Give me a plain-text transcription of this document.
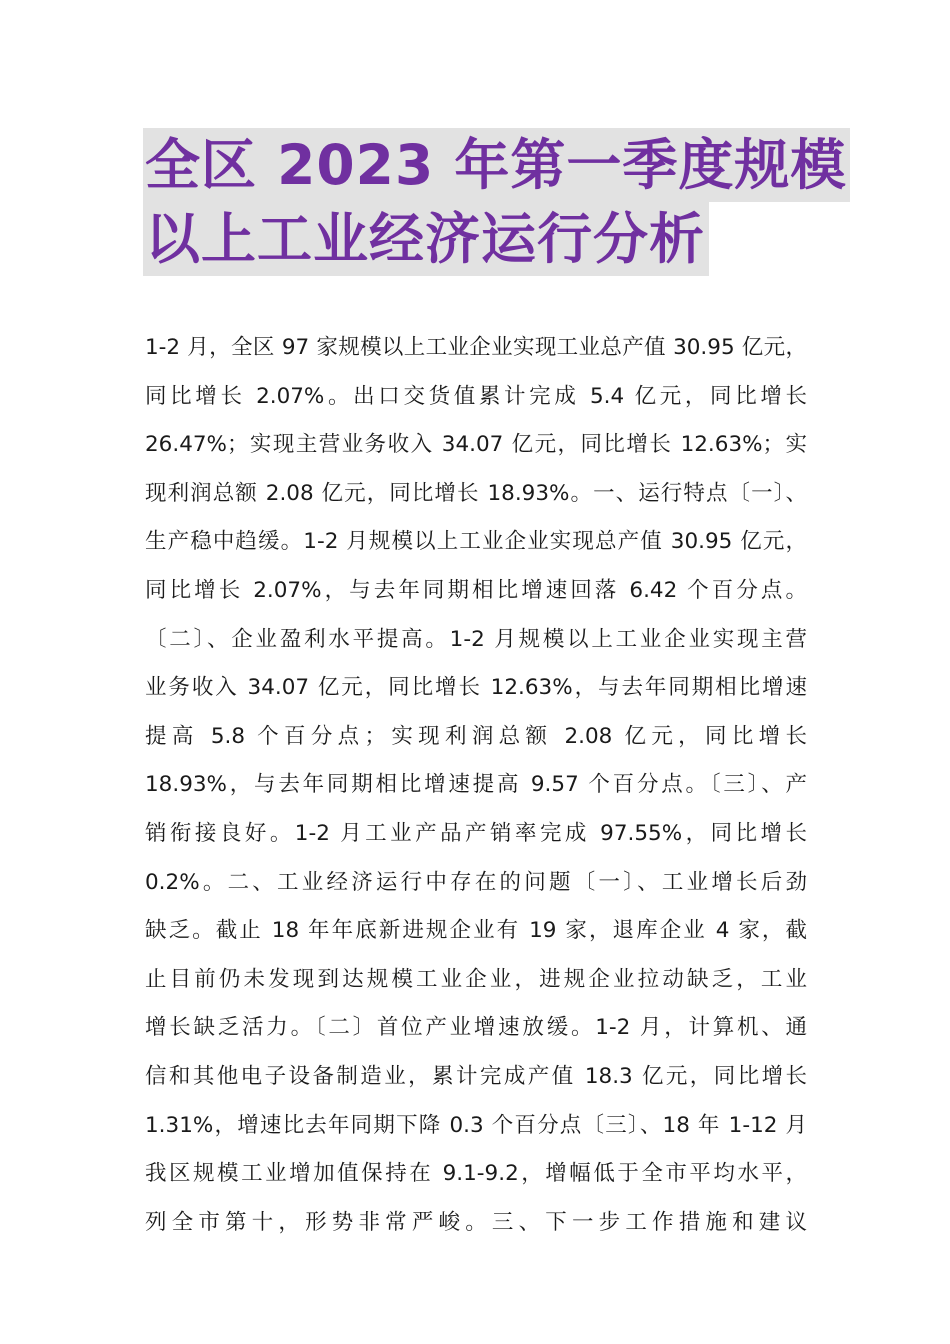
全区 2023 年第一季度规模
以上工业经济运行分析
1-2 月，全区 97 家规模以上工业企业实现工业总产值 30.95 亿元，
同比增长 2.07%。出口交货值累计完成 5.4 亿元，同比增长
26.47%；实现主营业务收入 34.07 亿元，同比增长 12.63%；实
现利润总额 2.08 亿元，同比增长 18.93%。一、运行特点〔一〕、
生产稳中趋缓。1-2 月规模以上工业企业实现总产值 30.95 亿元，
同比增长 2.07%，与去年同期相比增速回落 6.42 个百分点。
〔二〕、企业盈利水平提高。1-2 月规模以上工业企业实现主营
业务收入 34.07 亿元，同比增长 12.63%，与去年同期相比增速
提高 5.8 个百分点；实现利润总额 2.08 亿元，同比增长
18.93%，与去年同期相比增速提高 9.57 个百分点。〔三〕、产
销衔接良好。1-2 月工业产品产销率完成 97.55%，同比增长
0.2%。二、工业经济运行中存在的问题〔一〕、工业增长后劲
缺乏。截止 18 年年底新进规企业有 19 家，退库企业 4 家，截
止目前仍未发现到达规模工业企业，进规企业拉动缺乏，工业
增长缺乏活力。〔二〕首位产业增速放缓。1-2 月，计算机、通
信和其他电子设备制造业，累计完成产值 18.3 亿元，同比增长
1.31%，增速比去年同期下降 0.3 个百分点〔三〕、18 年 1-12 月
我区规模工业增加值保持在 9.1-9.2，增幅低于全市平均水平，
列全市第十，形势非常严峻。三、下一步工作措施和建议
